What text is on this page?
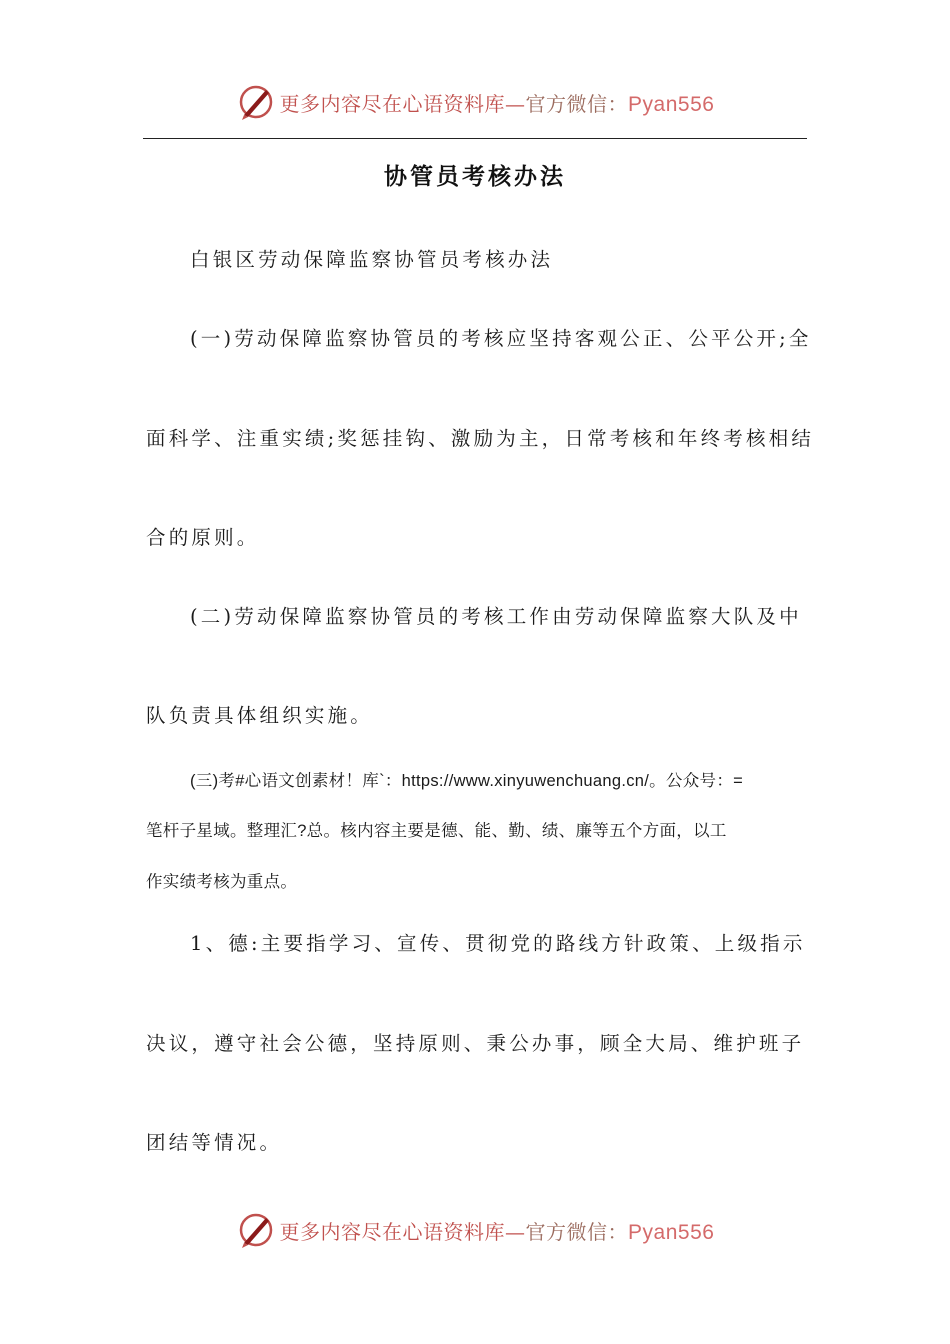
更多内容尽在心语资料库—官方微信：Pyan556
协管员考核办法
白银区劳动保障监察协管员考核办法
(一)劳动保障监察协管员的考核应坚持客观公正、公平公开;全
面科学、注重实绩;奖惩挂钩、激励为主，日常考核和年终考核相结
合的原则。
(二)劳动保障监察协管员的考核工作由劳动保障监察大队及中
队负责具体组织实施。
(三)考#心语文创素材！库`：https://www.xinyuwenchuang.cn/。公众号：=
笔杆子星域。整理汇?总。核内容主要是德、能、勤、绩、廉等五个方面，以工
作实绩考核为重点。
1、德:主要指学习、宣传、贯彻党的路线方针政策、上级指示
决议，遵守社会公德，坚持原则、秉公办事，顾全大局、维护班子
团结等情况。
更多内容尽在心语资料库—官方微信：Pyan556
